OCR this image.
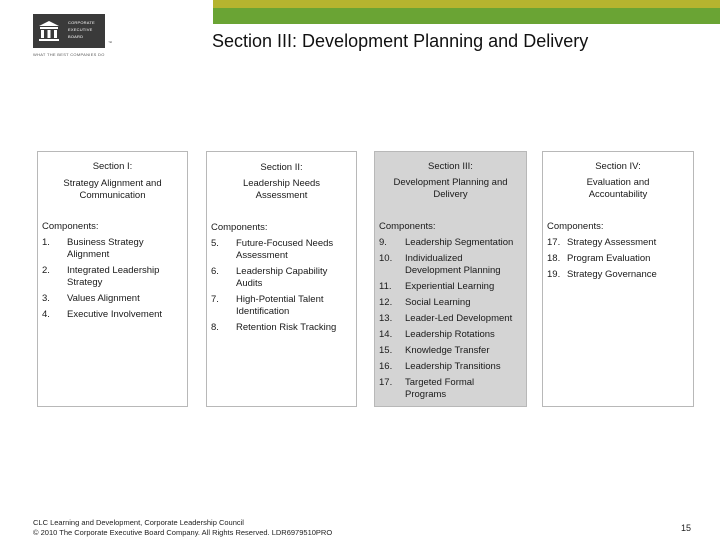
CORPORATE
EXECUTIVE
BOARD
™
WHAT THE BEST COMPANIES DO
Section III: Development Planning and Delivery
Section I:
Strategy Alignment and
Communication
Components:
1. Business Strategy
Alignment
2. Integrated Leadership
Strategy
3. Values Alignment
4. Executive Involvement
Section II:
Leadership Needs
Assessment
Components:
5. Future-Focused Needs
Assessment
6. Leadership Capability
Audits
7. High-Potential Talent
Identification
8. Retention Risk Tracking
Section III:
Development Planning and
Delivery
Components:
9. Leadership Segmentation
10. Individualized
Development Planning
11. Experiential Learning
12. Social Learning
13. Leader-Led Development
14. Leadership Rotations
15. Knowledge Transfer
16. Leadership Transitions
17. Targeted Formal
Programs
Section IV:
Evaluation and
Accountability
Components:
17. Strategy Assessment
18. Program Evaluation
19. Strategy Governance
CLC Learning and Development, Corporate Leadership Council
© 2010 The Corporate Executive Board Company. All Rights Reserved. LDR6979510PRO	15
